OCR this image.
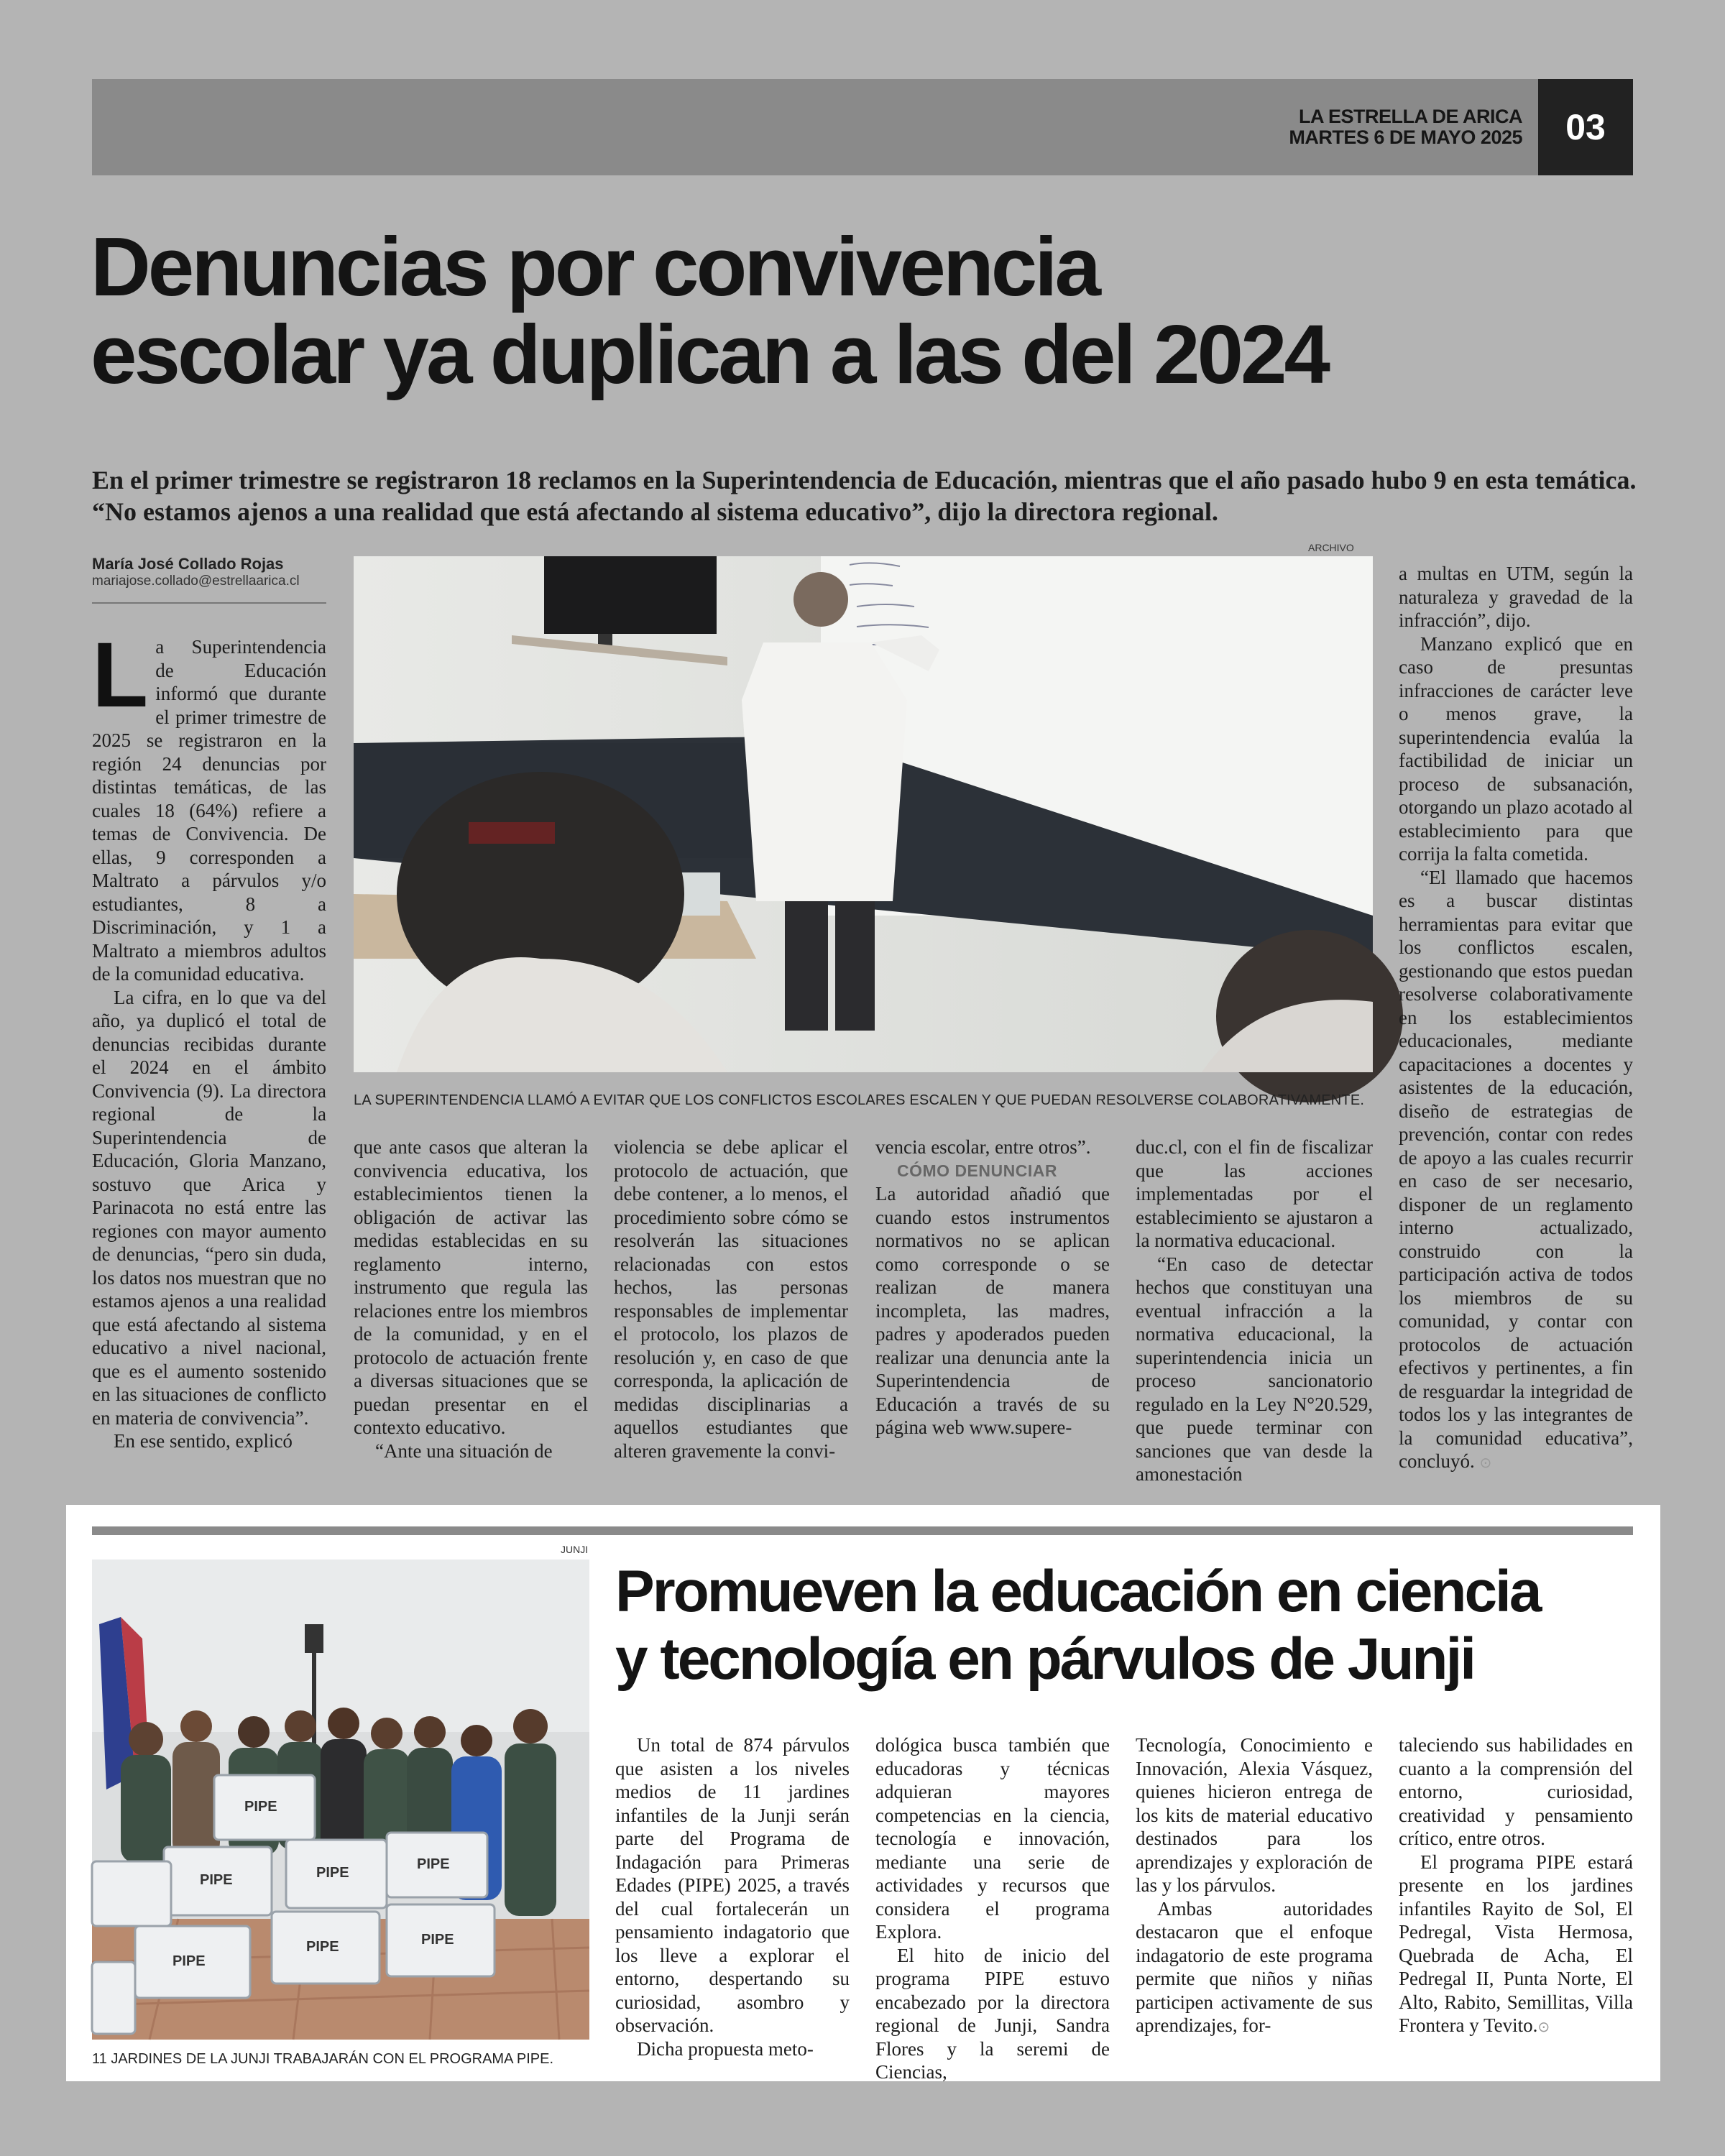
LA ESTRELLA DE ARICA
MARTES 6 DE MAYO 2025	03
Denuncias por convivencia
escolar ya duplican a las del 2024
En el primer trimestre se registraron 18 reclamos en la Superintendencia de Educación, mientras que el año pasado hubo 9 en esta temática. “No estamos ajenos a una realidad que está afectando al sistema educativo”, dijo la directora regional.
ARCHIVO
María José Collado Rojas
mariajose.collado@estrellaarica.cl

La Superintendencia de Educación informó que durante el primer trimestre de 2025 se registraron en la región 24 denuncias por distintas temáticas, de las cuales 18 (64%) refiere a temas de Convivencia. De ellas, 9 corresponden a Maltrato a párvulos y/o estudiantes, 8 a Discriminación, y 1 a Maltrato a miembros adultos de la comunidad educativa.

La cifra, en lo que va del año, ya duplicó el total de denuncias recibidas durante el 2024 en el ámbito Convivencia (9). La directora regional de la Superintendencia de Educación, Gloria Manzano, sostuvo que Arica y Parinacota no está entre las regiones con mayor aumento de denuncias, “pero sin duda, los datos nos muestran que no estamos ajenos a una realidad que está afectando al sistema educativo a nivel nacional, que es el aumento sostenido en las situaciones de conflicto en materia de convivencia”.

En ese sentido, explicó

LA SUPERINTENDENCIA LLAMÓ A EVITAR QUE LOS CONFLICTOS ESCOLARES ESCALEN Y QUE PUEDAN RESOLVERSE COLABORATIVAMENTE.

que ante casos que alteran la convivencia educativa, los establecimientos tienen la obligación de activar las medidas establecidas en su reglamento interno, instrumento que regula las relaciones entre los miembros de la comunidad, y en el protocolo de actuación frente a diversas situaciones que se puedan presentar en el contexto educativo.

“Ante una situación de

violencia se debe aplicar el protocolo de actuación, que debe contener, a lo menos, el procedimiento sobre cómo se resolverán las situaciones relacionadas con estos hechos, las personas responsables de implementar el protocolo, los plazos de resolución y, en caso de que corresponda, la aplicación de medidas disciplinarias a aquellos estudiantes que alteren gravemente la convi-

vencia escolar, entre otros”.

CÓMO DENUNCIAR

La autoridad añadió que cuando estos instrumentos normativos no se aplican como corresponde o se realizan de manera incompleta, las madres, padres y apoderados pueden realizar una denuncia ante la Superintendencia de Educación a través de su página web www.supere-

duc.cl, con el fin de fiscalizar que las acciones implementadas por el establecimiento se ajustaron a la normativa educacional.

“En caso de detectar hechos que constituyan una eventual infracción a la normativa educacional, la superintendencia inicia un proceso sancionatorio regulado en la Ley N°20.529, que puede terminar con sanciones que van desde la amonestación

a multas en UTM, según la naturaleza y gravedad de la infracción”, dijo.

Manzano explicó que en caso de presuntas infracciones de carácter leve o menos grave, la superintendencia evalúa la factibilidad de iniciar un proceso de subsanación, otorgando un plazo acotado al establecimiento para que corrija la falta cometida.

“El llamado que hacemos es a buscar distintas herramientas para evitar que los conflictos escalen, gestionando que estos puedan resolverse colaborativamente en los establecimientos educacionales, mediante capacitaciones a docentes y asistentes de la educación, diseño de estrategias de prevención, contar con redes de apoyo a las cuales recurrir en caso de ser necesario, disponer de un reglamento interno actualizado, construido con la participación activa de todos los miembros de su comunidad, y contar con protocolos de actuación efectivos y pertinentes, a fin de resguardar la integridad de todos los y las integrantes de la comunidad educativa”, concluyó. ⊙

JUNJI
PIPE
PIPE	PIPE
PIPE
PIPE
PIPE	PIPE
11 JARDINES DE LA JUNJI TRABAJARÁN CON EL PROGRAMA PIPE.
Promueven la educación en ciencia
y tecnología en párvulos de Junji

Un total de 874 párvulos que asisten a los niveles medios de 11 jardines infantiles de la Junji serán parte del Programa de Indagación para Primeras Edades (PIPE) 2025, a través del cual fortalecerán un pensamiento indagatorio que los lleve a explorar el entorno, despertando su curiosidad, asombro y observación.

Dicha propuesta meto-

dológica busca también que educadoras y técnicas adquieran mayores competencias en la ciencia, tecnología e innovación, mediante una serie de actividades y recursos que considera el programa Explora.

El hito de inicio del programa PIPE estuvo encabezado por la directora regional de Junji, Sandra Flores y la seremi de Ciencias,

Tecnología, Conocimiento e Innovación, Alexia Vásquez, quienes hicieron entrega de los kits de material educativo destinados para los aprendizajes y exploración de las y los párvulos.

Ambas autoridades destacaron que el enfoque indagatorio de este programa permite que niños y niñas participen activamente de sus aprendizajes, for-

taleciendo sus habilidades en cuanto a la comprensión del entorno, curiosidad, creatividad y pensamiento crítico, entre otros.

El programa PIPE estará presente en los jardines infantiles Rayito de Sol, El Pedregal, Vista Hermosa, Quebrada de Acha, El Pedregal II, Punta Norte, El Alto, Rabito, Semillitas, Villa Frontera y Tevito.⊙
